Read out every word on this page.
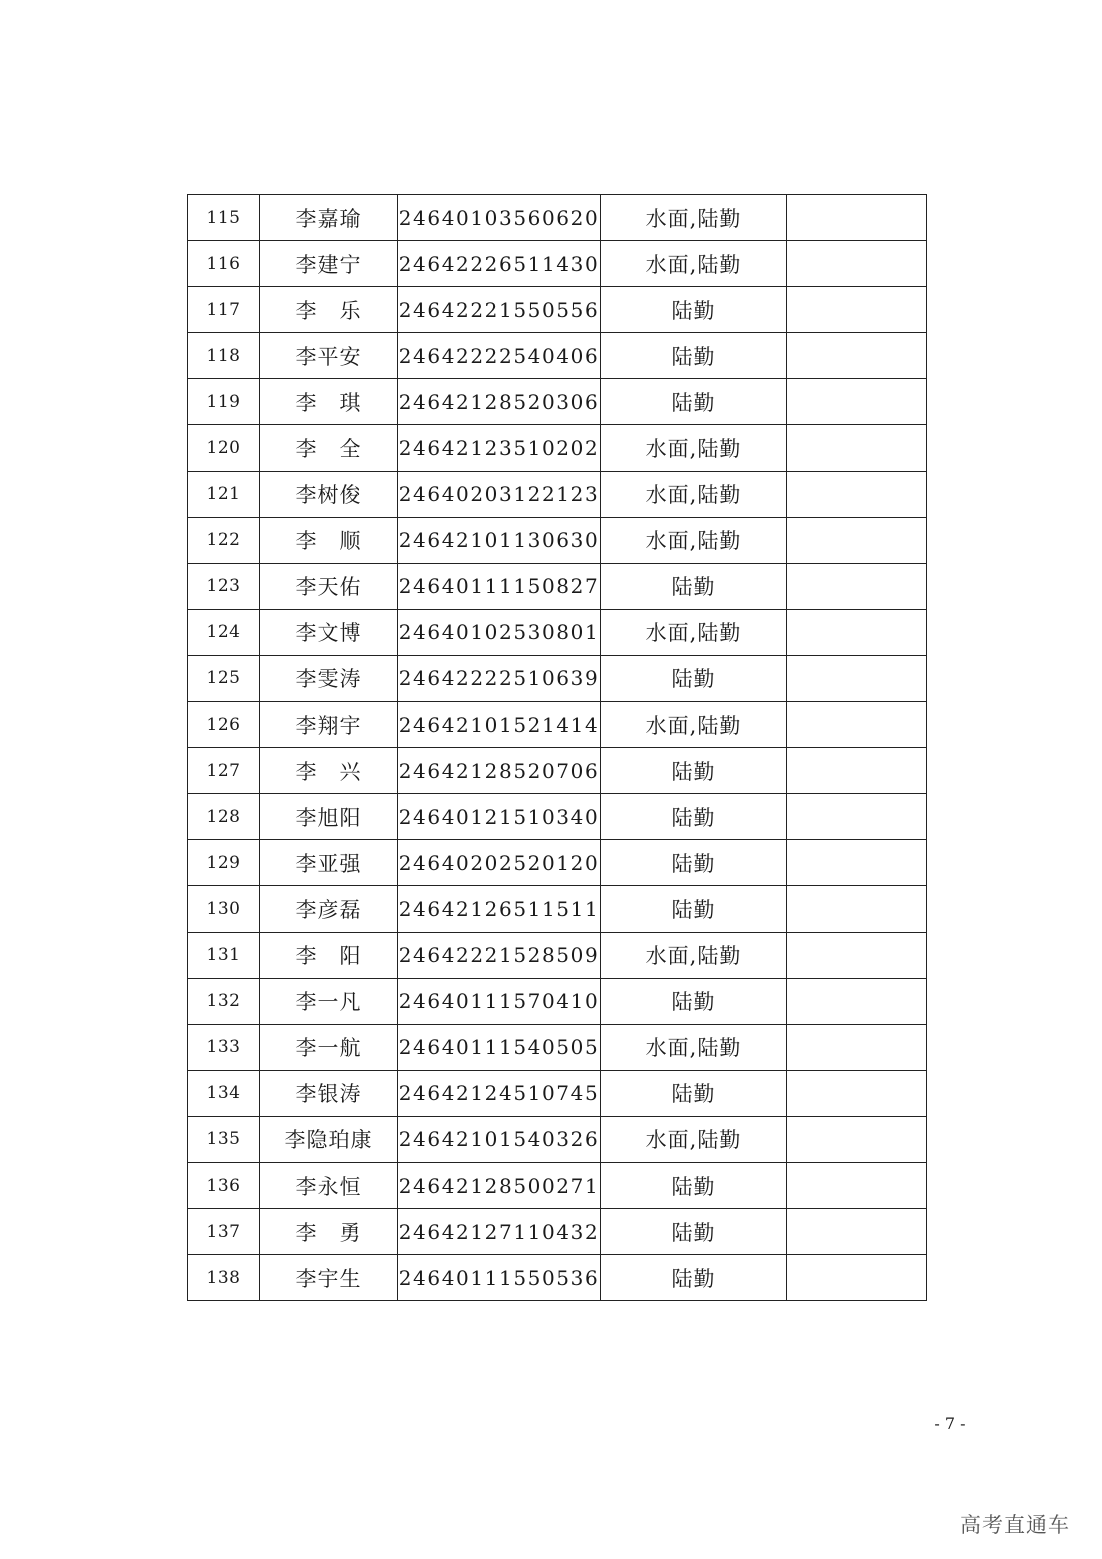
115	李嘉瑜	24640103560620	水面,陆勤	
116	李建宁	24642226511430	水面,陆勤	
117	李　乐	24642221550556	陆勤	
118	李平安	24642222540406	陆勤	
119	李　琪	24642128520306	陆勤	
120	李　全	24642123510202	水面,陆勤	
121	李树俊	24640203122123	水面,陆勤	
122	李　顺	24642101130630	水面,陆勤	
123	李天佑	24640111150827	陆勤	
124	李文博	24640102530801	水面,陆勤	
125	李雯涛	24642222510639	陆勤	
126	李翔宇	24642101521414	水面,陆勤	
127	李　兴	24642128520706	陆勤	
128	李旭阳	24640121510340	陆勤	
129	李亚强	24640202520120	陆勤	
130	李彦磊	24642126511511	陆勤	
131	李　阳	24642221528509	水面,陆勤	
132	李一凡	24640111570410	陆勤	
133	李一航	24640111540505	水面,陆勤	
134	李银涛	24642124510745	陆勤	
135	李隐珀康	24642101540326	水面,陆勤	
136	李永恒	24642128500271	陆勤	
137	李　勇	24642127110432	陆勤	
138	李宇生	24640111550536	陆勤	
- 7 -
高考直通车
